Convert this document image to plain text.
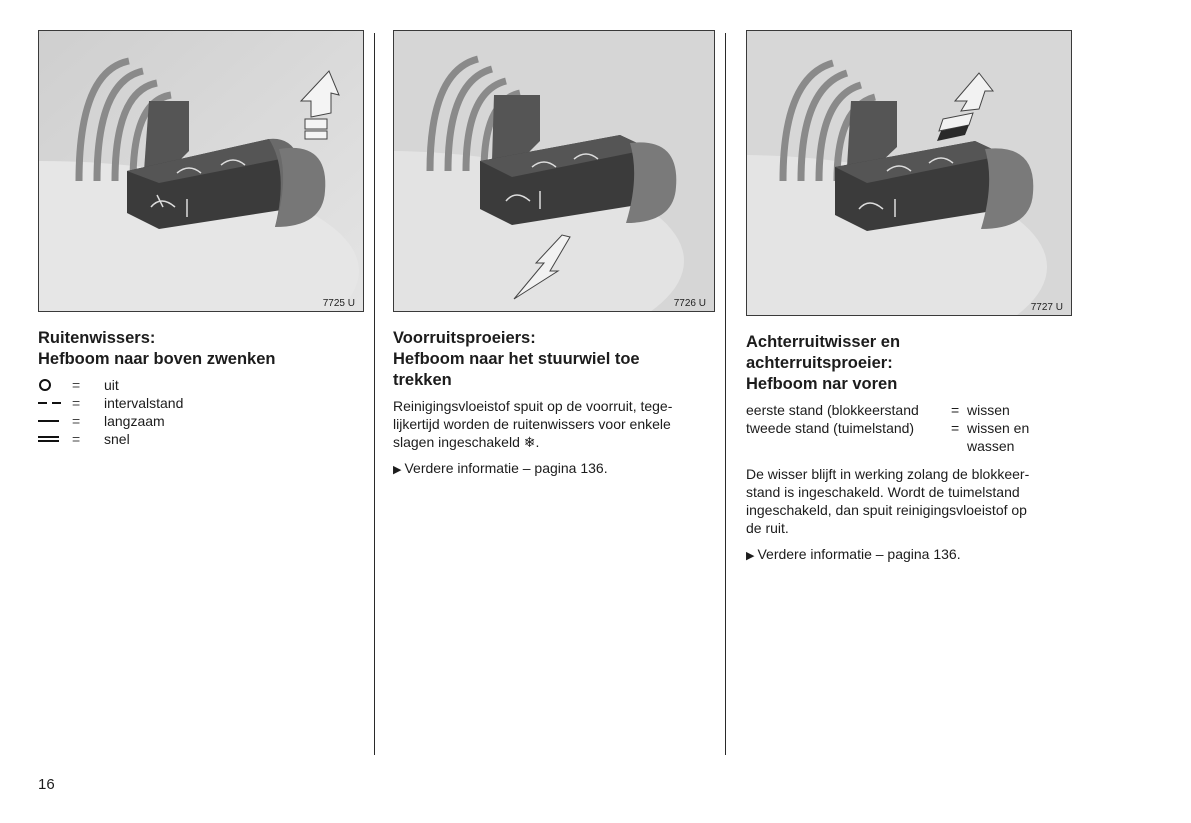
7725 U
Ruitenwissers:
Hefboom naar boven zwenken
=	uit
=	intervalstand
=	langzaam
=	snel
7726 U
Voorruitsproeiers:
Hefboom naar het stuurwiel toe
trekken
Reinigingsvloeistof spuit op de voorruit, tege-
lijkertijd worden de ruitenwissers voor enkele
slagen ingeschakeld ❄.
▶ Verdere informatie – pagina 136.
7727 U
Achterruitwisser en
achterruitsproeier:
Hefboom nar voren
eerste stand (blokkeerstand	= wissen
tweede stand (tuimelstand)	= wissen en
wassen
De wisser blijft in werking zolang de blokkeer-
stand is ingeschakeld. Wordt de tuimelstand
ingeschakeld, dan spuit reinigingsvloeistof op
de ruit.
▶ Verdere informatie – pagina 136.
16
